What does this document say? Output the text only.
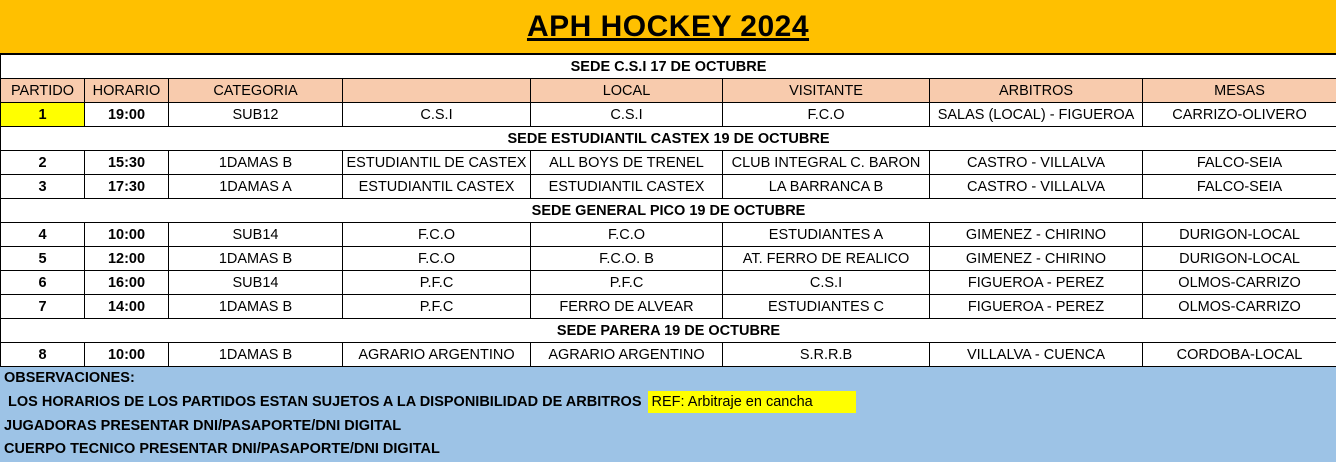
APH HOCKEY 2024
SEDE C.S.I 17 DE OCTUBRE							
PARTIDO	HORARIO	CATEGORIA		LOCAL	VISITANTE	ARBITROS	MESAS
1	19:00	SUB12	C.S.I	C.S.I	F.C.O	SALAS (LOCAL) - FIGUEROA	CARRIZO-OLIVERO
SEDE ESTUDIANTIL CASTEX 19 DE OCTUBRE							
2	15:30	1DAMAS B	ESTUDIANTIL DE CASTEX	ALL BOYS DE TRENEL	CLUB INTEGRAL C. BARON	CASTRO - VILLALVA	FALCO-SEIA
3	17:30	1DAMAS A	ESTUDIANTIL CASTEX	ESTUDIANTIL CASTEX	LA BARRANCA B	CASTRO - VILLALVA	FALCO-SEIA
SEDE GENERAL PICO 19 DE OCTUBRE							
4	10:00	SUB14	F.C.O	F.C.O	ESTUDIANTES A	GIMENEZ - CHIRINO	DURIGON-LOCAL
5	12:00	1DAMAS B	F.C.O	F.C.O. B	AT. FERRO DE REALICO	GIMENEZ - CHIRINO	DURIGON-LOCAL
6	16:00	SUB14	P.F.C	P.F.C	C.S.I	FIGUEROA - PEREZ	OLMOS-CARRIZO
7	14:00	1DAMAS B	P.F.C	FERRO DE ALVEAR	ESTUDIANTES C	FIGUEROA - PEREZ	OLMOS-CARRIZO
SEDE PARERA 19 DE OCTUBRE							
8	10:00	1DAMAS B	AGRARIO ARGENTINO	AGRARIO ARGENTINO	S.R.R.B	VILLALVA - CUENCA	CORDOBA-LOCAL
OBSERVACIONES:
LOS HORARIOS DE LOS PARTIDOS ESTAN SUJETOS A LA DISPONIBILIDAD DE ARBITROS REF: Arbitraje en cancha
JUGADORAS PRESENTAR DNI/PASAPORTE/DNI DIGITAL
CUERPO TECNICO PRESENTAR DNI/PASAPORTE/DNI DIGITAL
